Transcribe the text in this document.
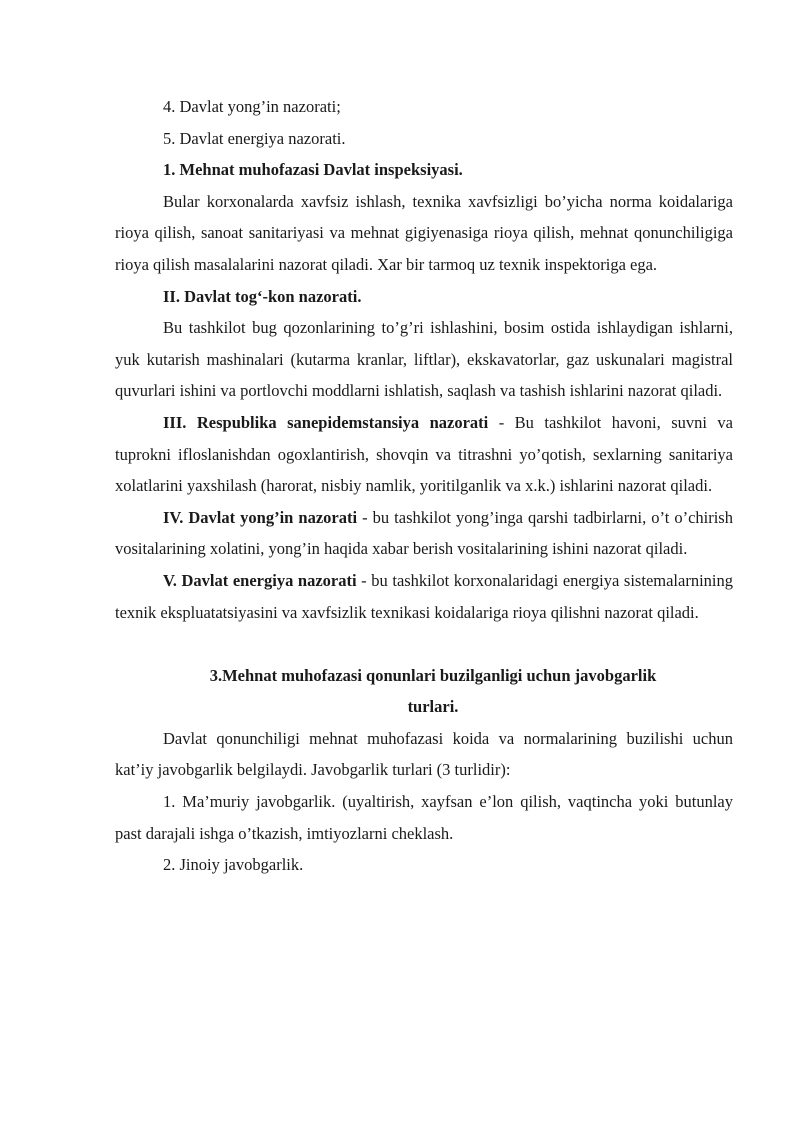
4. Davlat yong’in nazorati;

5. Davlat energiya nazorati.

1. Mehnat muhofazasi Davlat inspeksiyasi.

Bular korxonalarda xavfsiz ishlash, texnika xavfsizligi bo’yicha norma koidalariga rioya qilish, sanoat sanitariyasi va mehnat gigiyenasiga rioya qilish, mehnat qonunchiligiga rioya qilish masalalarini nazorat qiladi. Xar bir tarmoq uz texnik inspektoriga ega.

II. Davlat tog‘-kon nazorati.

Bu tashkilot bug qozonlarining to’g’ri ishlashini, bosim ostida ishlaydigan ishlarni, yuk kutarish mashinalari (kutarma kranlar, liftlar), ekskavatorlar, gaz uskunalari magistral quvurlari ishini va portlovchi moddlarni ishlatish, saqlash va tashish ishlarini nazorat qiladi.

III. Respublika sanepidemstansiya nazorati - Bu tashkilot havoni, suvni va tuprokni ifloslanishdan ogoxlantirish, shovqin va titrashni yo’qotish, sexlarning sanitariya xolatlarini yaxshilash (harorat, nisbiy namlik, yoritilganlik va x.k.) ishlarini nazorat qiladi.

IV. Davlat yong’in nazorati - bu tashkilot yong’inga qarshi tadbirlarni, o’t o’chirish vositalarining xolatini, yong’in haqida xabar berish vositalarining ishini nazorat qiladi.

V. Davlat energiya nazorati - bu tashkilot korxonalaridagi energiya sistemalarnining texnik ekspluatatsiyasini va xavfsizlik texnikasi koidalariga rioya qilishni nazorat qiladi.

3.Mehnat muhofazasi qonunlari buzilganligi uchun javobgarlik
turlari.

Davlat qonunchiligi mehnat muhofazasi koida va normalarining buzilishi uchun kat’iy javobgarlik belgilaydi. Javobgarlik turlari (3 turlidir):

1. Ma’muriy javobgarlik. (uyaltirish, xayfsan e’lon qilish, vaqtincha yoki butunlay past darajali ishga o’tkazish, imtiyozlarni cheklash.

2. Jinoiy javobgarlik.
